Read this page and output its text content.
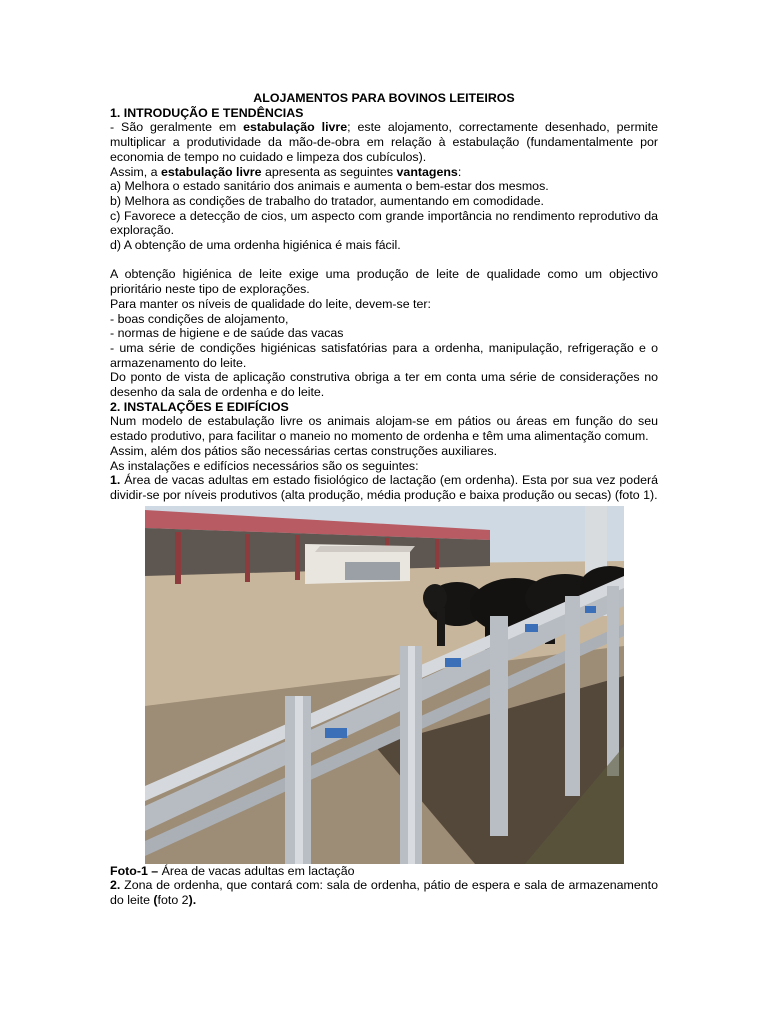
ALOJAMENTOS PARA BOVINOS LEITEIROS

1. INTRODUÇÃO E TENDÊNCIAS

- São geralmente em estabulação livre; este alojamento, correctamente desenhado, permite multiplicar a produtividade da mão-de-obra em relação à estabulação (fundamentalmente por economia de tempo no cuidado e limpeza dos cubículos).

Assim, a estabulação livre apresenta as seguintes vantagens:

a) Melhora o estado sanitário dos animais e aumenta o bem-estar dos mesmos.

b) Melhora as condições de trabalho do tratador, aumentando em comodidade.

c) Favorece a detecção de cios, um aspecto com grande importância no rendimento reprodutivo da exploração.

d) A obtenção de uma ordenha higiénica é mais fácil.

A obtenção higiénica de leite exige uma produção de leite de qualidade como um objectivo prioritário neste tipo de explorações.

Para manter os níveis de qualidade do leite, devem-se ter:

- boas condições de alojamento,

- normas de higiene e de saúde das vacas

- uma série de condições higiénicas satisfatórias para a ordenha, manipulação, refrigeração e o armazenamento do leite.

Do ponto de vista de aplicação construtiva obriga a ter em conta uma série de considerações no desenho da sala de ordenha e do leite.

2. INSTALAÇÕES E EDIFÍCIOS

Num modelo de estabulação livre os animais alojam-se em pátios ou áreas em função do seu estado produtivo, para facilitar o maneio no momento de ordenha e têm uma alimentação comum.

Assim, além dos pátios são necessárias certas construções auxiliares.

As instalações e edifícios necessários são os seguintes:

1. Área de vacas adultas em estado fisiológico de lactação (em ordenha). Esta por sua vez poderá dividir-se por níveis produtivos (alta produção, média produção e baixa produção ou secas) (foto 1).

Foto-1 – Área de vacas adultas em lactação

2. Zona de ordenha, que contará com: sala de ordenha, pátio de espera e sala de armazenamento do leite (foto 2).
